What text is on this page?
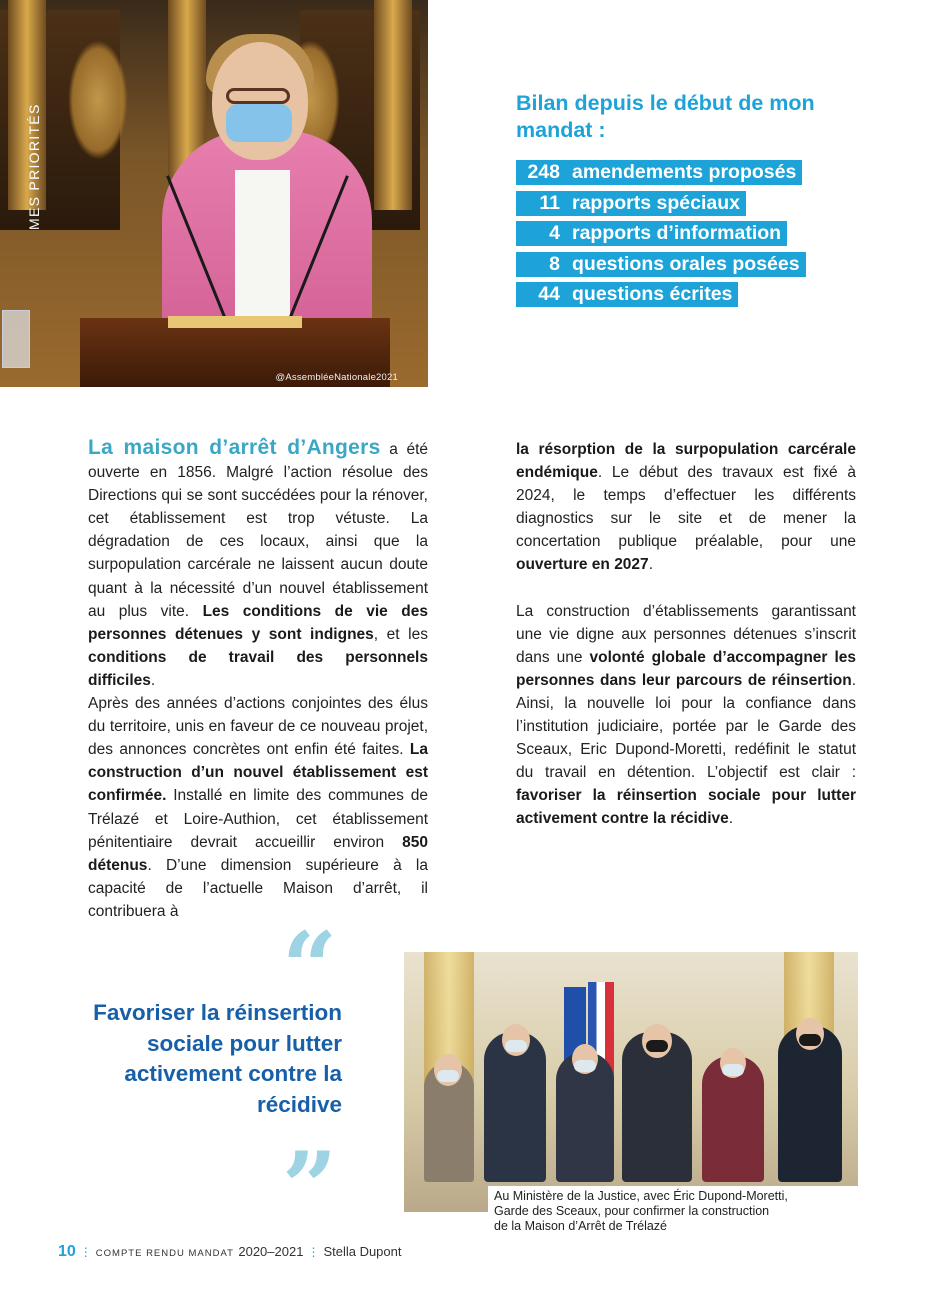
@AssembléeNationale2021
MES PRIORITÉS
Bilan depuis le début de mon mandat :
248 amendements proposés
11 rapports spéciaux
4 rapports d’information
8 questions orales posées
44 questions écrites

La maison d’arrêt d’Angers a été ouverte en 1856. Malgré l’action résolue des Directions qui se sont succédées pour la rénover, cet établissement est trop vétuste. La dégradation de ces locaux, ainsi que la surpopulation carcérale ne laissent aucun doute quant à la nécessité d’un nouvel établissement au plus vite. Les conditions de vie des personnes détenues y sont indignes, et les conditions de travail des personnels difficiles.

Après des années d’actions conjointes des élus du territoire, unis en faveur de ce nouveau projet, des annonces concrètes ont enfin été faites. La construction d’un nouvel établissement est confirmée. Installé en limite des communes de Trélazé et Loire-Authion, cet établissement pénitentiaire devrait accueillir environ 850 détenus. D’une dimension supérieure à la capacité de l’actuelle Maison d’arrêt, il contribuera à

la résorption de la surpopulation carcérale endémique. Le début des travaux est fixé à 2024, le temps d’effectuer les différents diagnostics sur le site et de mener la concertation publique préalable, pour une ouverture en 2027.

La construction d’établissements garantissant une vie digne aux personnes détenues s’inscrit dans une volonté globale d’accompagner les personnes dans leur parcours de réinsertion. Ainsi, la nouvelle loi pour la confiance dans l’institution judiciaire, portée par le Garde des Sceaux, Eric Dupond-Moretti, redéfinit le statut du travail en détention. L’objectif est clair : favoriser la réinsertion sociale pour lutter activement contre la récidive.

“

Favoriser la réinsertion sociale pour lutter activement contre la récidive

”	Au Ministère de la Justice, avec Éric Dupond-Moretti,
Garde des Sceaux, pour confirmer la construction
de la Maison d’Arrêt de Trélazé

10 ⋮ COMPTE RENDU MANDAT 2020–2021 ⋮ Stella Dupont
